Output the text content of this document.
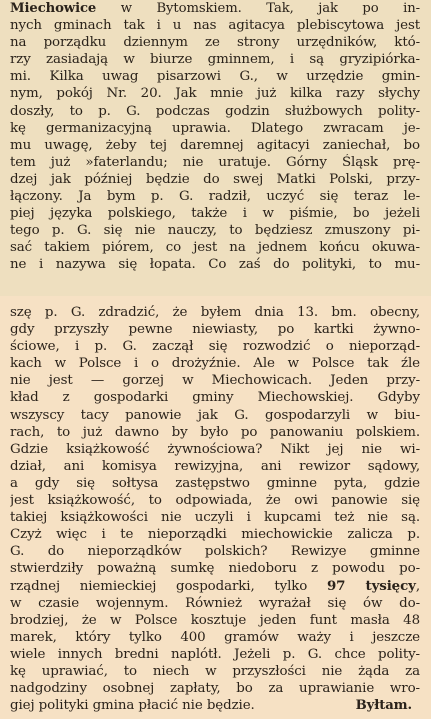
Miechowice w Bytomskiem. Tak, jak po in-
nych gminach tak i u nas agitacya plebiscytowa jest
na porządku dziennym ze strony urzędników, któ-
rzy zasiadają w biurze gminnem, i są gryzipiórka-
mi. Kilka uwag pisarzowi G., w urzędzie gmin-
nym, pokój Nr. 20. Jak mnie już kilka razy słychy
doszły, to p. G. podczas godzin służbowych polity-
kę germanizacyjną uprawia. Dlatego zwracam je-
mu uwagę, żeby tej daremnej agitacyi zaniechał, bo
tem już »faterlandu; nie uratuje. Górny Śląsk prę-
dzej jak później będzie do swej Matki Polski, przy-
łączony. Ja bym p. G. radził, uczyć się teraz le-
piej języka polskiego, także i w piśmie, bo jeżeli
tego p. G. się nie nauczy, to będziesz zmuszony pi-
sać takiem piórem, co jest na jednem końcu okuwa-
ne i nazywa się łopata. Co zaś do polityki, to mu-
szę p. G. zdradzić, że byłem dnia 13. bm. obecny,
gdy przyszły pewne niewiasty, po kartki żywno-
ściowe, i p. G. zaczął się rozwodzić o nieporząd-
kach w Polsce i o drożyźnie. Ale w Polsce tak źle
nie jest — gorzej w Miechowicach. Jeden przy-
kład z gospodarki gminy Miechowskiej. Gdyby
wszyscy tacy panowie jak G. gospodarzyli w biu-
rach, to już dawno by było po panowaniu polskiem.
Gdzie książkowość żywnościowa? Nikt jej nie wi-
dział, ani komisya rewizyjna, ani rewizor sądowy,
a gdy się sołtysa zastępstwo gminne pyta, gdzie
jest książkowość, to odpowiada, że owi panowie się
takiej książkowości nie uczyli i kupcami też nie są.
Czyż więc i te nieporządki miechowickie zalicza p.
G. do nieporządków polskich? Rewizye gminne
stwierdziły poważną sumkę niedoboru z powodu po-
rządnej niemieckiej gospodarki, tylko 97 tysięcy,
w czasie wojennym. Również wyrażał się ów do-
brodziej, że w Polsce kosztuje jeden funt masła 48
marek, który tylko 400 gramów waży i jeszcze
wiele innych bredni naplótł. Jeżeli p. G. chce polity-
kę uprawiać, to niech w przyszłości nie żąda za
nadgodziny osobnej zapłaty, bo za uprawianie wro-
giej polityki gmina płacić nie będzie.	Byłtam.
